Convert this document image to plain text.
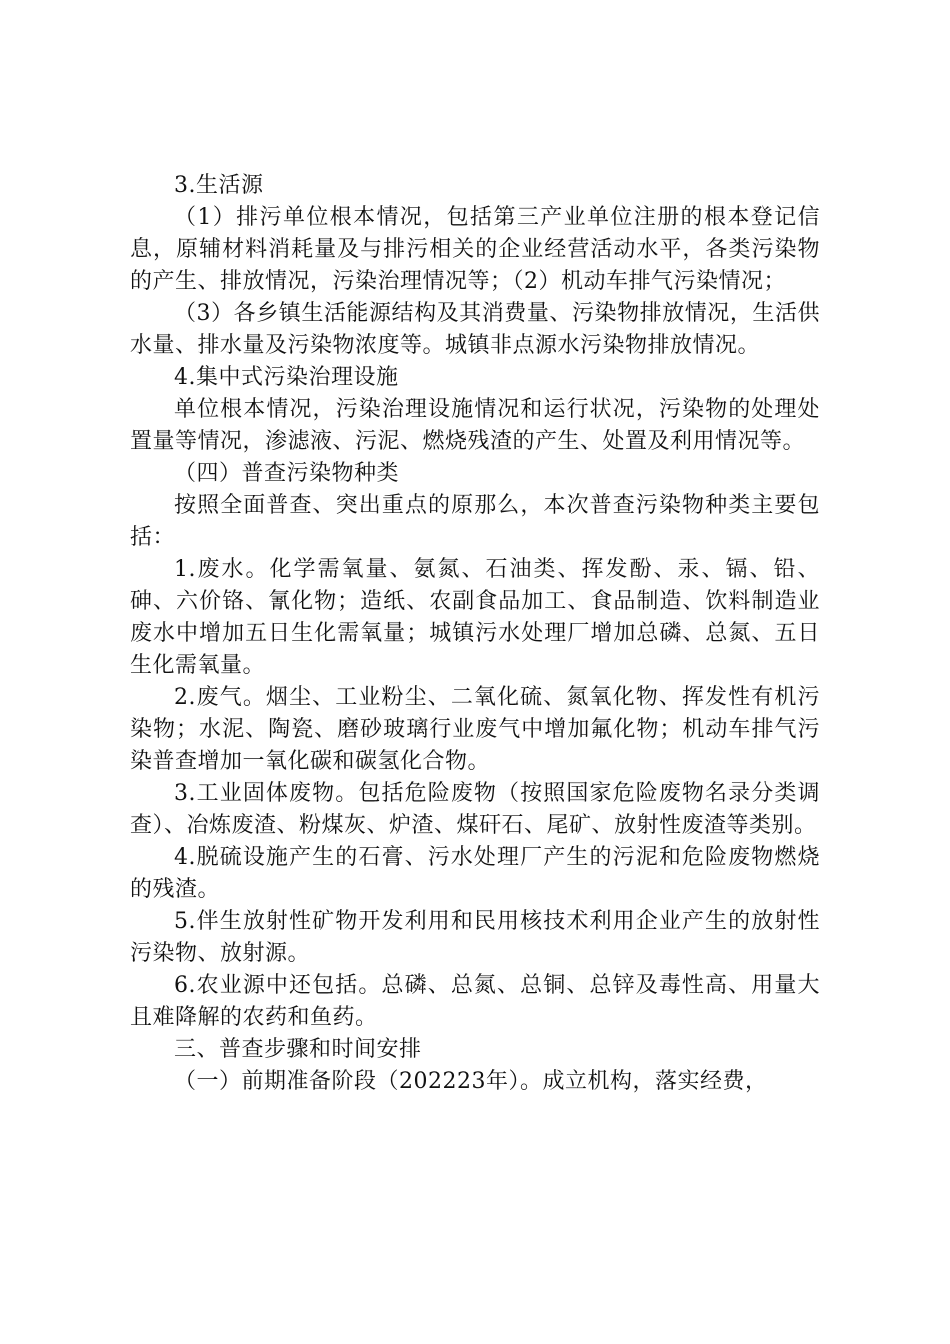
3.生活源

（1）排污单位根本情况，包括第三产业单位注册的根本登记信息，原辅材料消耗量及与排污相关的企业经营活动水平，各类污染物的产生、排放情况，污染治理情况等；（2）机动车排气污染情况；

（3）各乡镇生活能源结构及其消费量、污染物排放情况，生活供水量、排水量及污染物浓度等。城镇非点源水污染物排放情况。

4.集中式污染治理设施

单位根本情况，污染治理设施情况和运行状况，污染物的处理处置量等情况，渗滤液、污泥、燃烧残渣的产生、处置及利用情况等。

（四）普查污染物种类

按照全面普查、突出重点的原那么，本次普查污染物种类主要包括：

1.废水。化学需氧量、氨氮、石油类、挥发酚、汞、镉、铅、砷、六价铬、氰化物；造纸、农副食品加工、食品制造、饮料制造业废水中增加五日生化需氧量；城镇污水处理厂增加总磷、总氮、五日生化需氧量。

2.废气。烟尘、工业粉尘、二氧化硫、氮氧化物、挥发性有机污染物；水泥、陶瓷、磨砂玻璃行业废气中增加氟化物；机动车排气污染普查增加一氧化碳和碳氢化合物。

3.工业固体废物。包括危险废物（按照国家危险废物名录分类调查）、冶炼废渣、粉煤灰、炉渣、煤矸石、尾矿、放射性废渣等类别。

4.脱硫设施产生的石膏、污水处理厂产生的污泥和危险废物燃烧的残渣。

5.伴生放射性矿物开发利用和民用核技术利用企业产生的放射性污染物、放射源。

6.农业源中还包括。总磷、总氮、总铜、总锌及毒性高、用量大且难降解的农药和鱼药。

三、普查步骤和时间安排

（一）前期准备阶段（202223年）。成立机构，落实经费，
